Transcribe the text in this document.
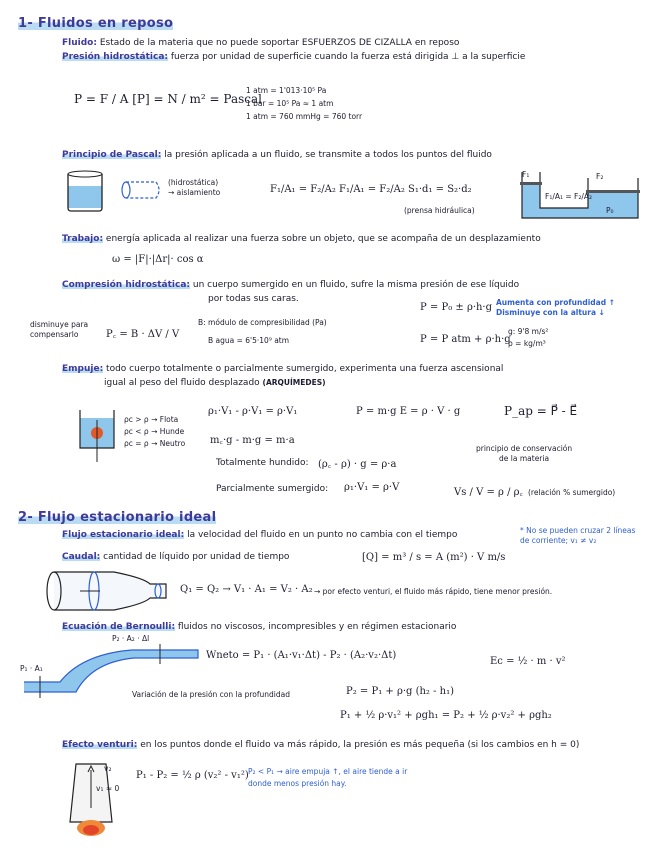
1- Fluidos en reposo
Fluido: Estado de la materia que no puede soportar ESFUERZOS DE CIZALLA en reposo
Presión hidrostática: fuerza por unidad de superficie cuando la fuerza está dirigida ⊥ a la superficie
P = F / A [P] = N / m² = Pascal
1 atm = 1'013·10⁵ Pa
1 bar = 10⁵ Pa ≈ 1 atm
1 atm = 760 mmHg = 760 torr
Principio de Pascal: la presión aplicada a un fluido, se transmite a todos los puntos del fluido
(hidrostática)
→ aislamiento	F₁/A₁ = F₂/A₂ F₁/A₁ = F₂/A₂ S₁·d₁ = S₂·d₂
(prensa hidráulica)
F₁	F₂
F₁/A₁ = F₂/A₂
P₀
Trabajo: energía aplicada al realizar una fuerza sobre un objeto, que se acompaña de un desplazamiento
ω = |F|·|Δr|· cos α
Compresión hidrostática: un cuerpo sumergido en un fluido, sufre la misma presión de ese líquido
por todas sus caras.
P = P₀ ± ρ·h·g Aumenta con profundidad ↑
Disminuye con la altura ↓
disminuye para
compensarlo	P꜀ = B · ΔV / V
B: módulo de compresibilidad (Pa)
B agua = 6'5·10⁹ atm	P = P atm + ρ·h·g
g: 9'8 m/s²
ρ = kg/m³
Empuje: todo cuerpo totalmente o parcialmente sumergido, experimenta una fuerza ascensional
igual al peso del fluido desplazado (ARQUÍMEDES)
ρc > ρ → Flota
ρc < ρ → Hunde
ρc = ρ → Neutro
ρ₁·V₁ - ρ·V₁ = ρ·V₁	P = m·g E = ρ · V · g	P_ap = P⃗ - E⃗
m꜀·g - m·g = m·a
Totalmente hundido: (ρ꜀ - ρ) · g = ρ·a
Parcialmente sumergido: ρ₁·V₁ = ρ·V
principio de conservación
de la materia
Vs / V = ρ / ρ꜀ (relación % sumergido)
2- Flujo estacionario ideal
Flujo estacionario ideal: la velocidad del fluido en un punto no cambia con el tiempo	* No se pueden cruzar 2 líneas
de corriente; v₁ ≠ v₂
Caudal: cantidad de líquido por unidad de tiempo	[Q] = m³ / s = A (m²) · V m/s
Q₁ = Q₂ → V₁ · A₁ = V₂ · A₂ → por efecto venturi, el fluido más rápido, tiene menor presión.
Ecuación de Bernoulli: fluidos no viscosos, incompresibles y en régimen estacionario
P₂ · A₂ · Δl
P₁ · A₁
Wneto = P₁ · (A₁·v₁·Δt) - P₂ · (A₂·v₂·Δt)
Ec = ½ · m · v²
Variación de la presión con la profundidad	P₂ = P₁ + ρ·g (h₂ - h₁)
P₁ + ½ ρ·v₁² + ρgh₁ = P₂ + ½ ρ·v₂² + ρgh₂
Efecto venturi: en los puntos donde el fluido va más rápido, la presión es más pequeña (si los cambios en h = 0)
v₂
v₁ ≈ 0
P₁ - P₂ = ½ ρ (v₂² - v₁²) P₂ < P₁ → aire empuja ↑, el aire tiende a ir
donde menos presión hay.
